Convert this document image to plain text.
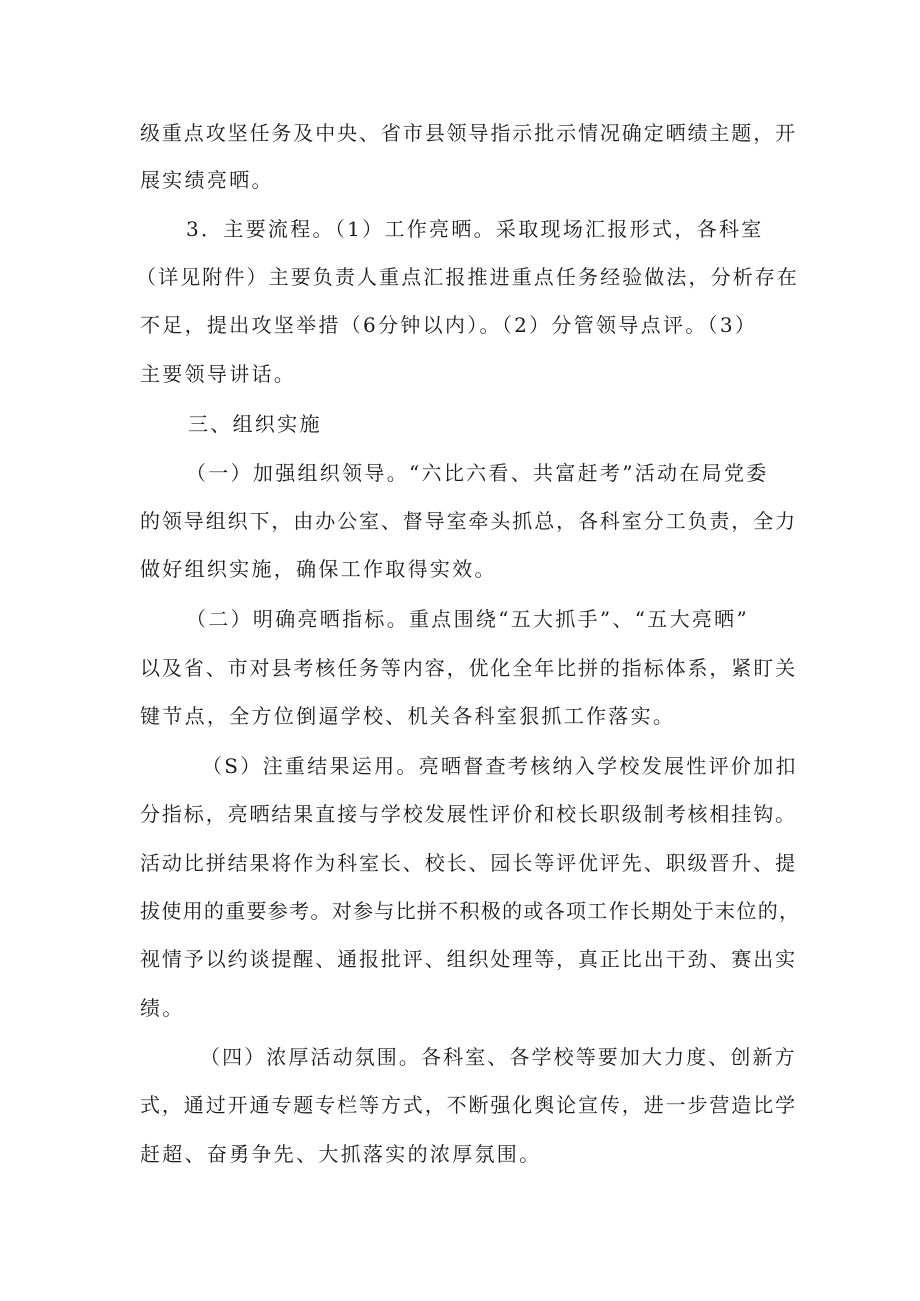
级重点攻坚任务及中央、省市县领导指示批示情况确定晒绩主题，开
展实绩亮晒。
3．主要流程。（1）工作亮晒。采取现场汇报形式，各科室
（详见附件）主要负责人重点汇报推进重点任务经验做法，分析存在
不足，提出攻坚举措（6分钟以内）。（2）分管领导点评。（3）
主要领导讲话。
三、组织实施
（一）加强组织领导。“六比六看、共富赶考”活动在局党委
的领导组织下，由办公室、督导室牵头抓总，各科室分工负责，全力
做好组织实施，确保工作取得实效。
（二）明确亮晒指标。重点围绕“五大抓手”、“五大亮晒”
以及省、市对县考核任务等内容，优化全年比拼的指标体系，紧盯关
键节点，全方位倒逼学校、机关各科室狠抓工作落实。
（S）注重结果运用。亮晒督查考核纳入学校发展性评价加扣
分指标，亮晒结果直接与学校发展性评价和校长职级制考核相挂钩。
活动比拼结果将作为科室长、校长、园长等评优评先、职级晋升、提
拔使用的重要参考。对参与比拼不积极的或各项工作长期处于末位的，
视情予以约谈提醒、通报批评、组织处理等，真正比出干劲、赛出实
绩。
（四）浓厚活动氛围。各科室、各学校等要加大力度、创新方
式，通过开通专题专栏等方式，不断强化舆论宣传，进一步营造比学
赶超、奋勇争先、大抓落实的浓厚氛围。
